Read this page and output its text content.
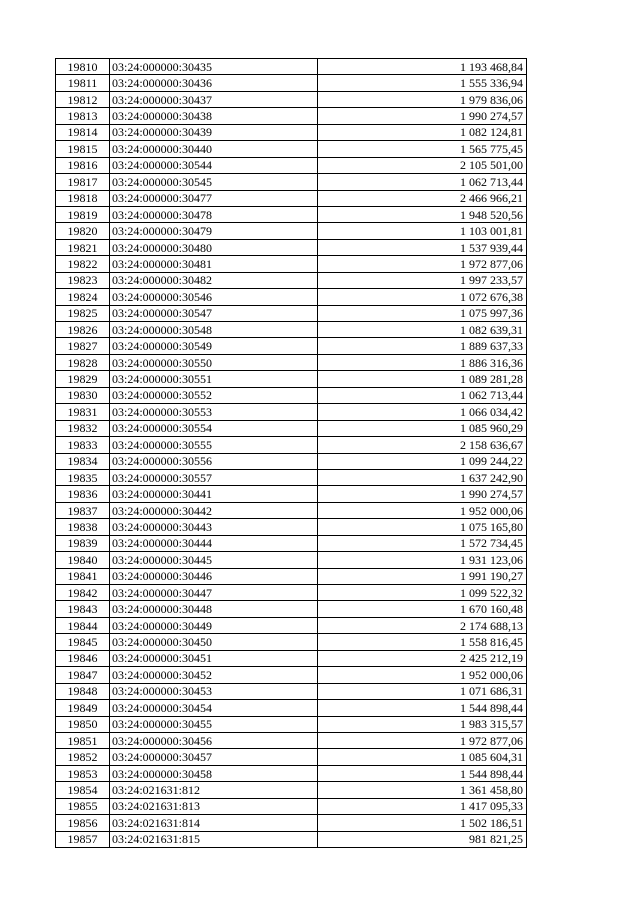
19810	03:24:000000:30435	1 193 468,84
19811	03:24:000000:30436	1 555 336,94
19812	03:24:000000:30437	1 979 836,06
19813	03:24:000000:30438	1 990 274,57
19814	03:24:000000:30439	1 082 124,81
19815	03:24:000000:30440	1 565 775,45
19816	03:24:000000:30544	2 105 501,00
19817	03:24:000000:30545	1 062 713,44
19818	03:24:000000:30477	2 466 966,21
19819	03:24:000000:30478	1 948 520,56
19820	03:24:000000:30479	1 103 001,81
19821	03:24:000000:30480	1 537 939,44
19822	03:24:000000:30481	1 972 877,06
19823	03:24:000000:30482	1 997 233,57
19824	03:24:000000:30546	1 072 676,38
19825	03:24:000000:30547	1 075 997,36
19826	03:24:000000:30548	1 082 639,31
19827	03:24:000000:30549	1 889 637,33
19828	03:24:000000:30550	1 886 316,36
19829	03:24:000000:30551	1 089 281,28
19830	03:24:000000:30552	1 062 713,44
19831	03:24:000000:30553	1 066 034,42
19832	03:24:000000:30554	1 085 960,29
19833	03:24:000000:30555	2 158 636,67
19834	03:24:000000:30556	1 099 244,22
19835	03:24:000000:30557	1 637 242,90
19836	03:24:000000:30441	1 990 274,57
19837	03:24:000000:30442	1 952 000,06
19838	03:24:000000:30443	1 075 165,80
19839	03:24:000000:30444	1 572 734,45
19840	03:24:000000:30445	1 931 123,06
19841	03:24:000000:30446	1 991 190,27
19842	03:24:000000:30447	1 099 522,32
19843	03:24:000000:30448	1 670 160,48
19844	03:24:000000:30449	2 174 688,13
19845	03:24:000000:30450	1 558 816,45
19846	03:24:000000:30451	2 425 212,19
19847	03:24:000000:30452	1 952 000,06
19848	03:24:000000:30453	1 071 686,31
19849	03:24:000000:30454	1 544 898,44
19850	03:24:000000:30455	1 983 315,57
19851	03:24:000000:30456	1 972 877,06
19852	03:24:000000:30457	1 085 604,31
19853	03:24:000000:30458	1 544 898,44
19854	03:24:021631:812	1 361 458,80
19855	03:24:021631:813	1 417 095,33
19856	03:24:021631:814	1 502 186,51
19857	03:24:021631:815	981 821,25
